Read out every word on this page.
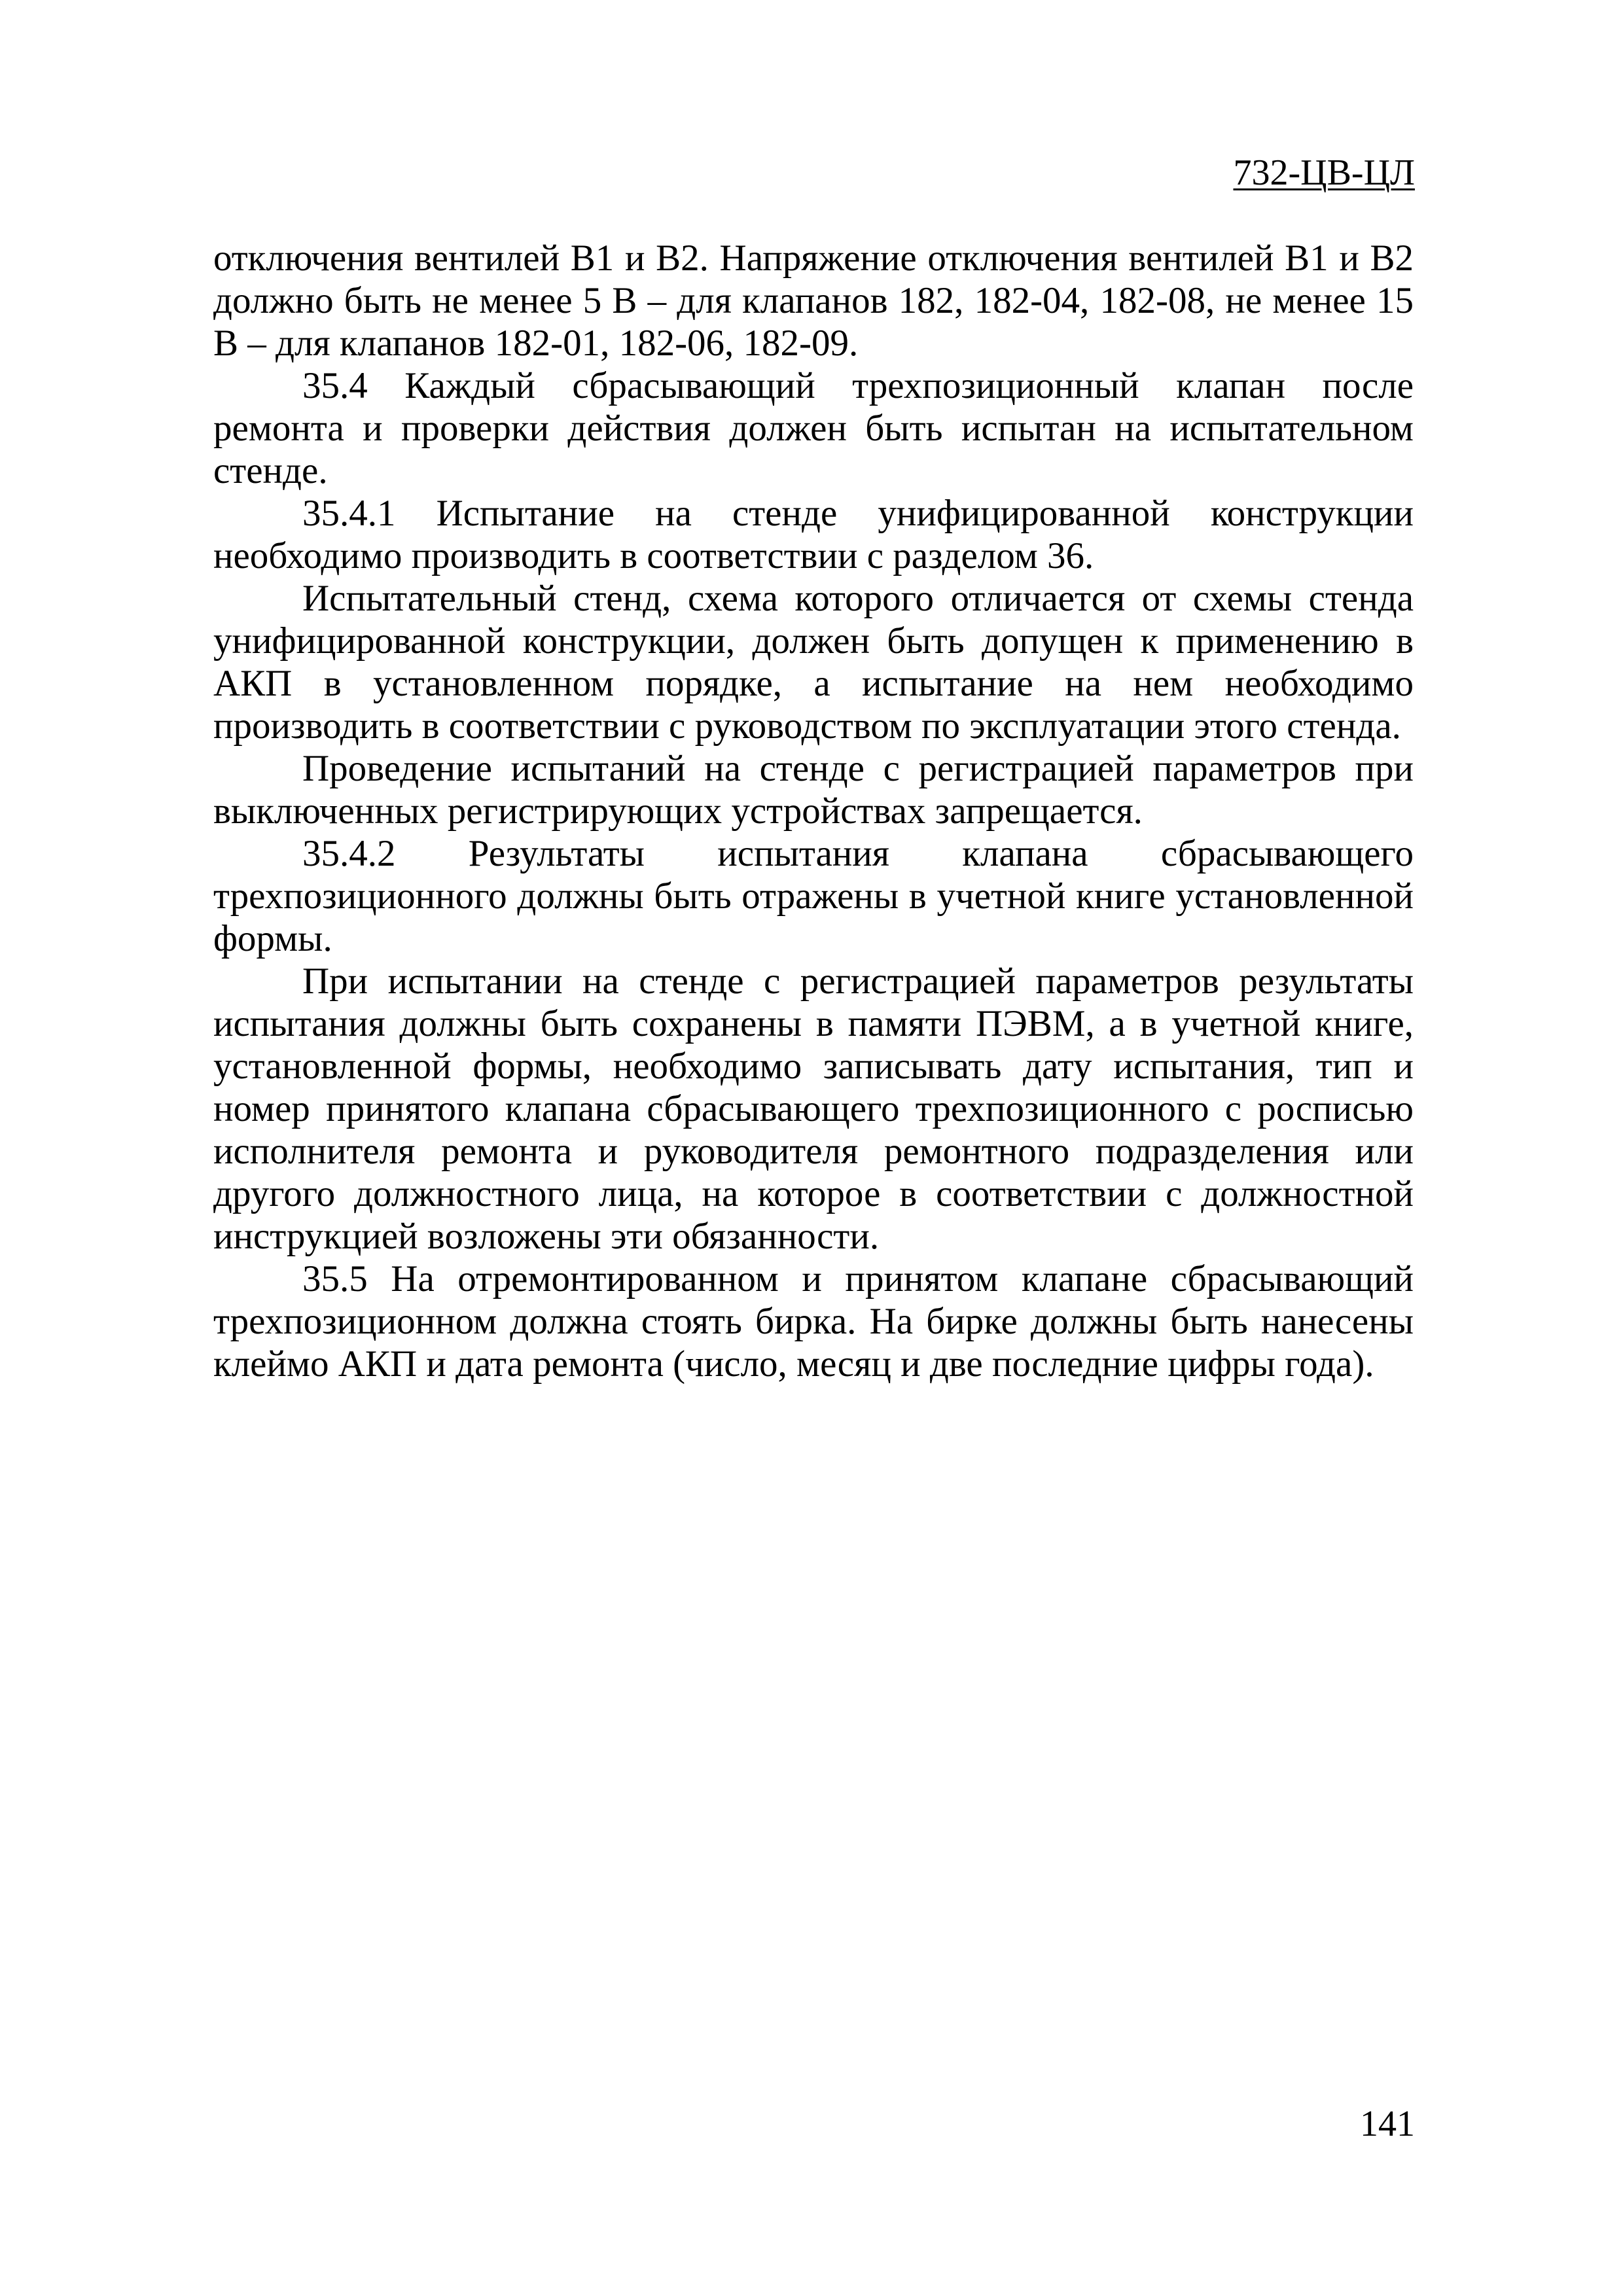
732-ЦВ-ЦЛ

отключения вентилей В1 и В2. Напряжение отключения вентилей В1 и В2 должно быть не менее 5 В – для клапанов 182, 182-04, 182-08, не менее 15 В – для клапанов 182-01, 182-06, 182-09.

35.4 Каждый сбрасывающий трехпозиционный клапан после ремонта и проверки действия должен быть испытан на испытательном стенде.

35.4.1 Испытание на стенде унифицированной конструкции необходимо производить в соответствии с разделом 36.

Испытательный стенд, схема которого отличается от схемы стенда унифицированной конструкции, должен быть допущен к применению в АКП в установленном порядке, а испытание на нем необходимо производить в соответствии с руководством по эксплуатации этого стенда.

Проведение испытаний на стенде с регистрацией параметров при выключенных регистрирующих устройствах запрещается.

35.4.2 Результаты испытания клапана сбрасывающего трехпозиционного должны быть отражены в учетной книге установленной формы.

При испытании на стенде с регистрацией параметров результаты испытания должны быть сохранены в памяти ПЭВМ, а в учетной книге, установленной формы, необходимо записывать дату испытания, тип и номер принятого клапана сбрасывающего трехпозиционного с росписью исполнителя ремонта и руководителя ремонтного подразделения или другого должностного лица, на которое в соответствии с должностной инструкцией возложены эти обязанности.

35.5 На отремонтированном и принятом клапане сбрасывающий трехпозиционном должна стоять бирка. На бирке должны быть нанесены клеймо АКП и дата ремонта (число, месяц и две последние цифры года).

141
